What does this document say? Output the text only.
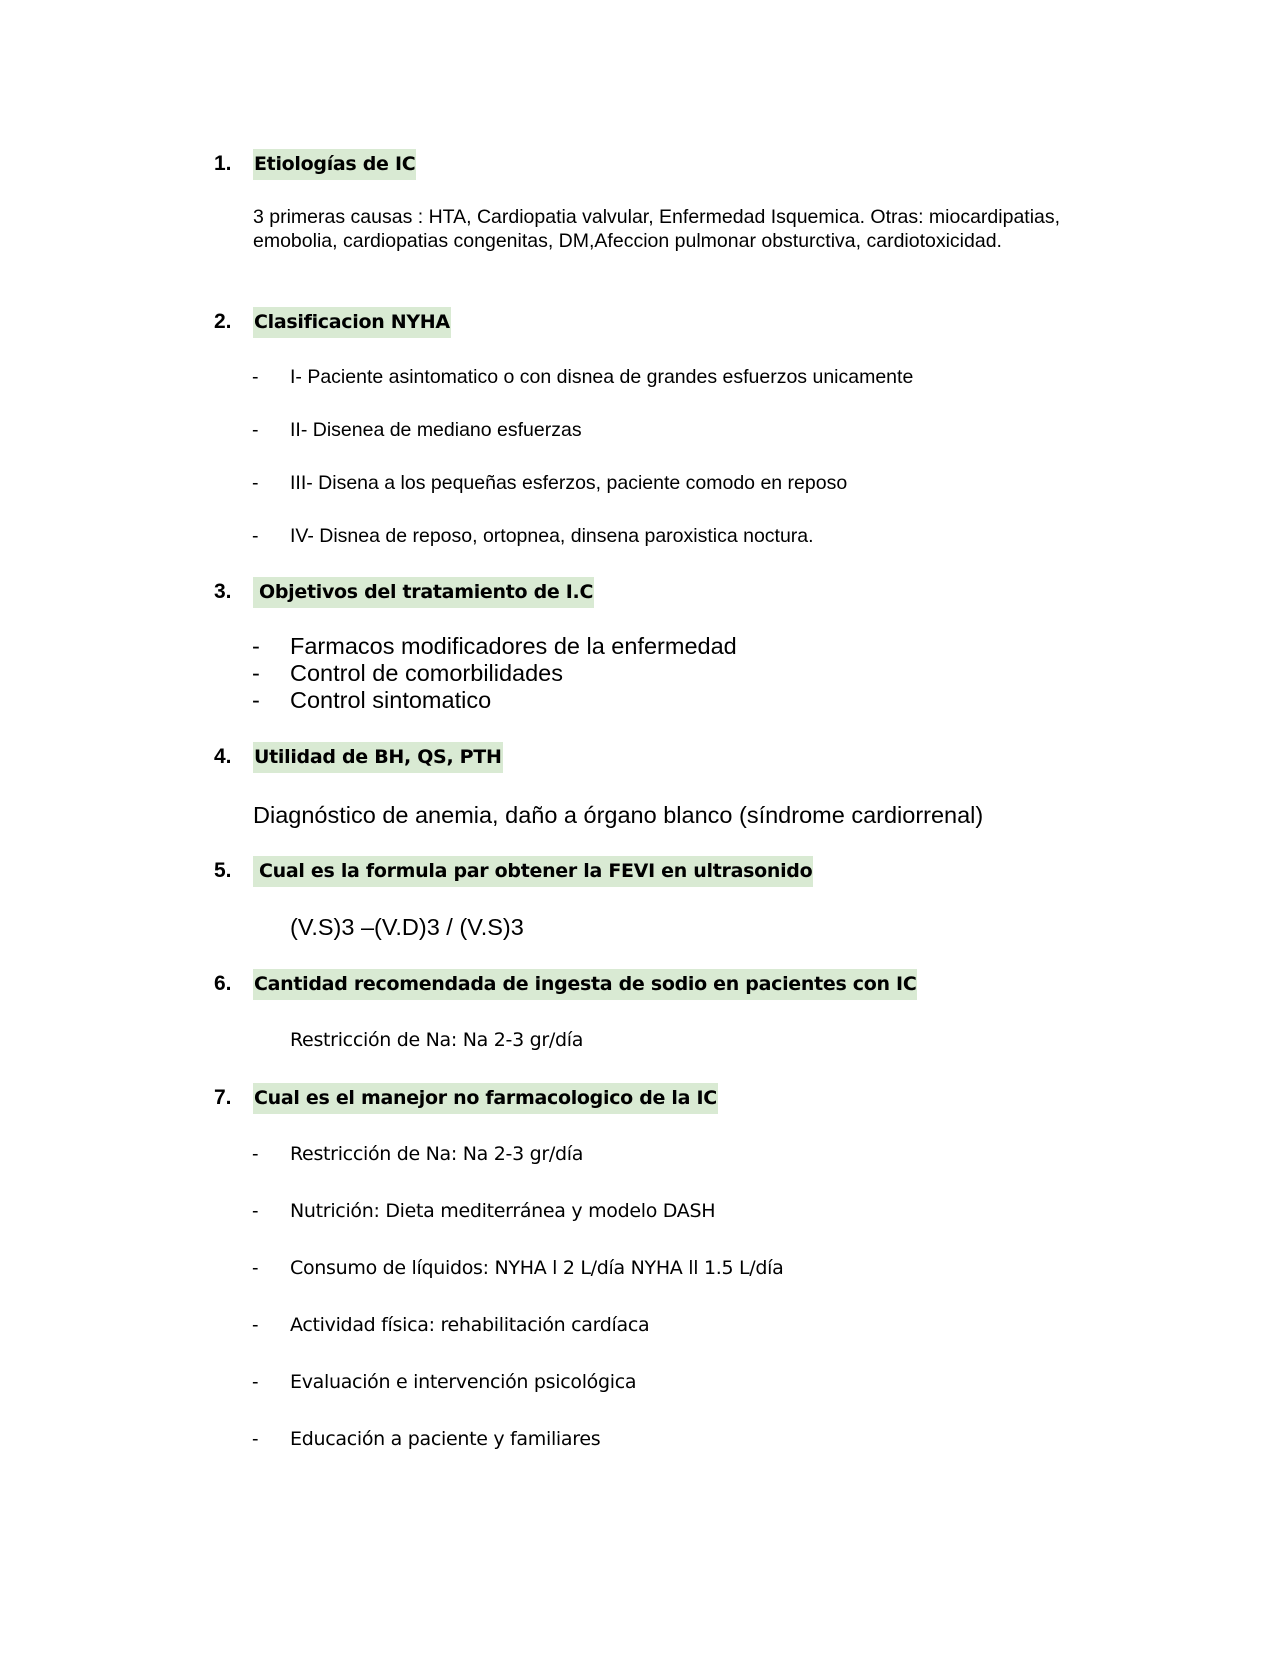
1. Etiologías de IC
3 primeras causas : HTA, Cardiopatia valvular, Enfermedad Isquemica. Otras: miocardipatias, emobolia, cardiopatias congenitas, DM,Afeccion pulmonar obsturctiva, cardiotoxicidad.
2. Clasificacion NYHA
- I- Paciente asintomatico o con disnea de grandes esfuerzos unicamente
- II- Disenea de mediano esfuerzas
- III- Disena a los pequeñas esferzos, paciente comodo en reposo
- IV- Disnea de reposo, ortopnea, dinsena paroxistica noctura.
3.	Objetivos del tratamiento de I.C
- Farmacos modificadores de la enfermedad
- Control de comorbilidades
- Control sintomatico
4. Utilidad de BH, QS, PTH
Diagnóstico de anemia, daño a órgano blanco (síndrome cardiorrenal)
5.	Cual es la formula par obtener la FEVI en ultrasonido
(V.S)3 –(V.D)3 / (V.S)3
6. Cantidad recomendada de ingesta de sodio en pacientes con IC
Restricción de Na: Na 2-3 gr/día
7. Cual es el manejor no farmacologico de la IC
- Restricción de Na: Na 2-3 gr/día
- Nutrición: Dieta mediterránea y modelo DASH
- Consumo de líquidos: NYHA l 2 L/día NYHA ll 1.5 L/día
- Actividad física: rehabilitación cardíaca
- Evaluación e intervención psicológica
- Educación a paciente y familiares
